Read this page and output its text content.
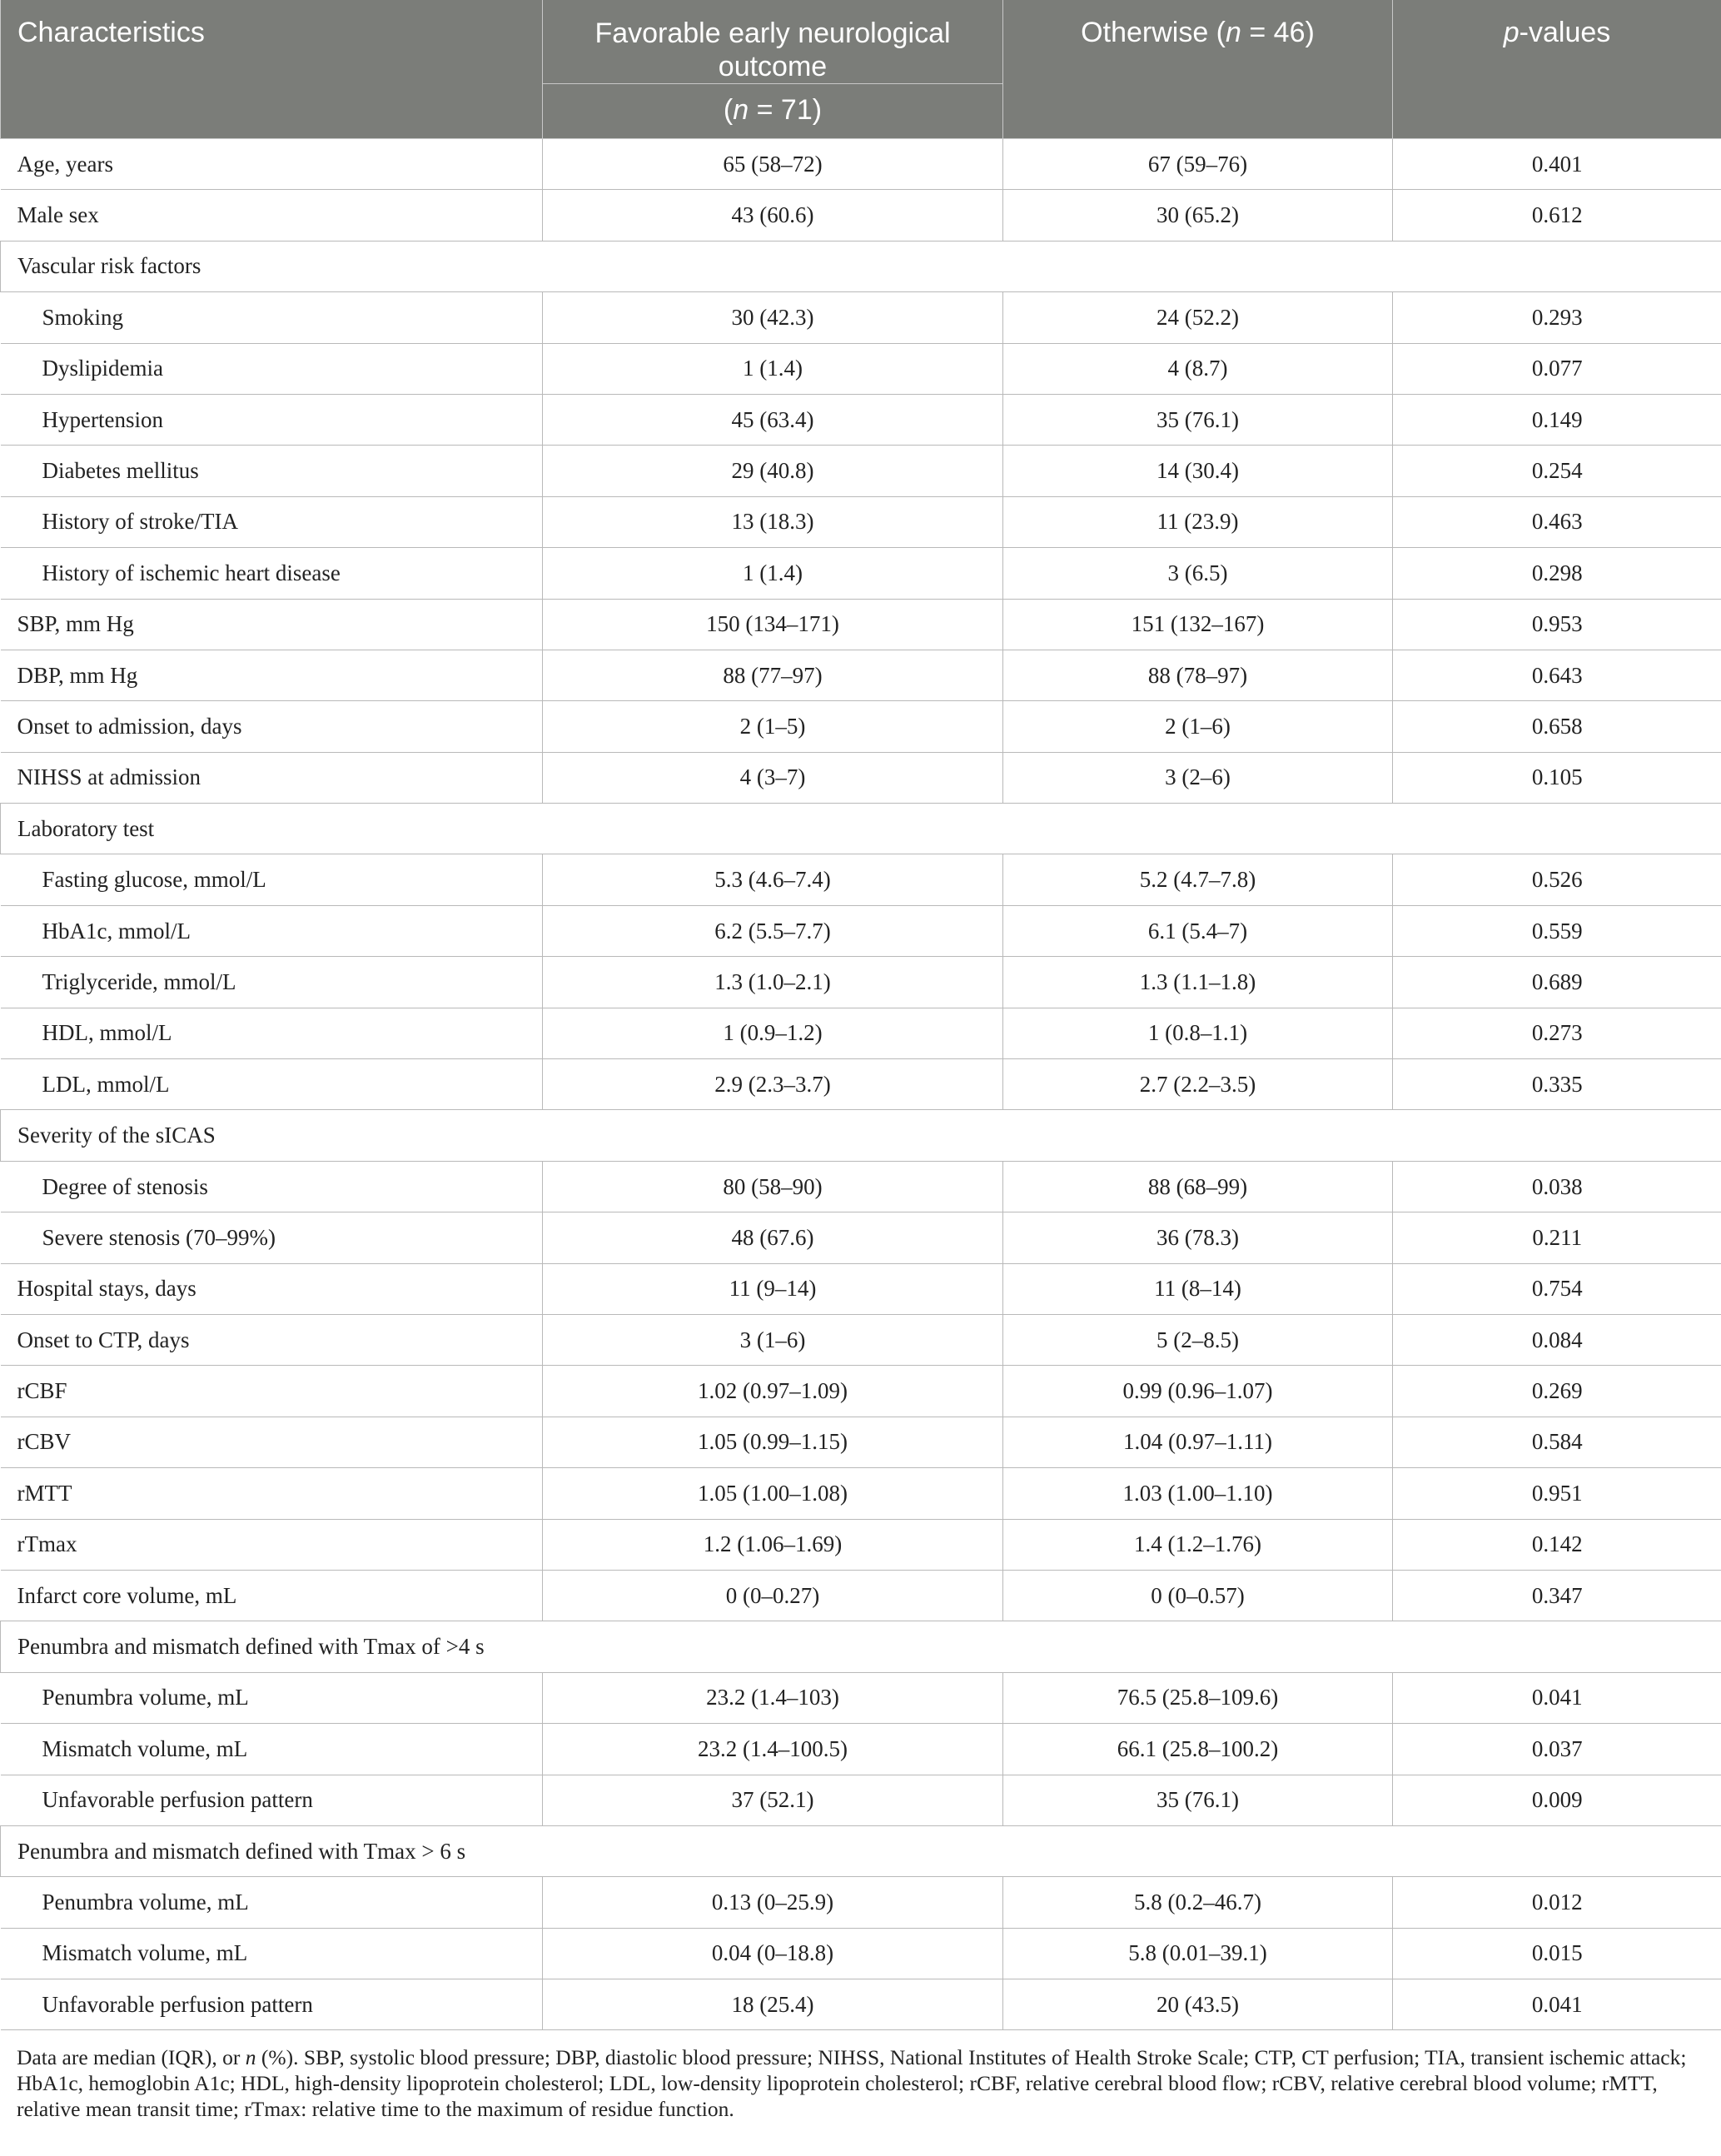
Characteristics	Favorable early neurological outcome	Otherwise (n = 46)	p-values
	(n = 71)		
Age, years	65 (58–72)	67 (59–76)	0.401
Male sex	43 (60.6)	30 (65.2)	0.612
Vascular risk factors			
Smoking	30 (42.3)	24 (52.2)	0.293
Dyslipidemia	1 (1.4)	4 (8.7)	0.077
Hypertension	45 (63.4)	35 (76.1)	0.149
Diabetes mellitus	29 (40.8)	14 (30.4)	0.254
History of stroke/TIA	13 (18.3)	11 (23.9)	0.463
History of ischemic heart disease	1 (1.4)	3 (6.5)	0.298
SBP, mm Hg	150 (134–171)	151 (132–167)	0.953
DBP, mm Hg	88 (77–97)	88 (78–97)	0.643
Onset to admission, days	2 (1–5)	2 (1–6)	0.658
NIHSS at admission	4 (3–7)	3 (2–6)	0.105
Laboratory test			
Fasting glucose, mmol/L	5.3 (4.6–7.4)	5.2 (4.7–7.8)	0.526
HbA1c, mmol/L	6.2 (5.5–7.7)	6.1 (5.4–7)	0.559
Triglyceride, mmol/L	1.3 (1.0–2.1)	1.3 (1.1–1.8)	0.689
HDL, mmol/L	1 (0.9–1.2)	1 (0.8–1.1)	0.273
LDL, mmol/L	2.9 (2.3–3.7)	2.7 (2.2–3.5)	0.335
Severity of the sICAS			
Degree of stenosis	80 (58–90)	88 (68–99)	0.038
Severe stenosis (70–99%)	48 (67.6)	36 (78.3)	0.211
Hospital stays, days	11 (9–14)	11 (8–14)	0.754
Onset to CTP, days	3 (1–6)	5 (2–8.5)	0.084
rCBF	1.02 (0.97–1.09)	0.99 (0.96–1.07)	0.269
rCBV	1.05 (0.99–1.15)	1.04 (0.97–1.11)	0.584
rMTT	1.05 (1.00–1.08)	1.03 (1.00–1.10)	0.951
rTmax	1.2 (1.06–1.69)	1.4 (1.2–1.76)	0.142
Infarct core volume, mL	0 (0–0.27)	0 (0–0.57)	0.347
Penumbra and mismatch defined with Tmax of >4 s			
Penumbra volume, mL	23.2 (1.4–103)	76.5 (25.8–109.6)	0.041
Mismatch volume, mL	23.2 (1.4–100.5)	66.1 (25.8–100.2)	0.037
Unfavorable perfusion pattern	37 (52.1)	35 (76.1)	0.009
Penumbra and mismatch defined with Tmax > 6 s			
Penumbra volume, mL	0.13 (0–25.9)	5.8 (0.2–46.7)	0.012
Mismatch volume, mL	0.04 (0–18.8)	5.8 (0.01–39.1)	0.015
Unfavorable perfusion pattern	18 (25.4)	20 (43.5)	0.041
Data are median (IQR), or n (%). SBP, systolic blood pressure; DBP, diastolic blood pressure; NIHSS, National Institutes of Health Stroke Scale; CTP, CT perfusion; TIA, transient ischemic attack; HbA1c, hemoglobin A1c; HDL, high-density lipoprotein cholesterol; LDL, low-density lipoprotein cholesterol; rCBF, relative cerebral blood flow; rCBV, relative cerebral blood volume; rMTT, relative mean transit time; rTmax: relative time to the maximum of residue function.
